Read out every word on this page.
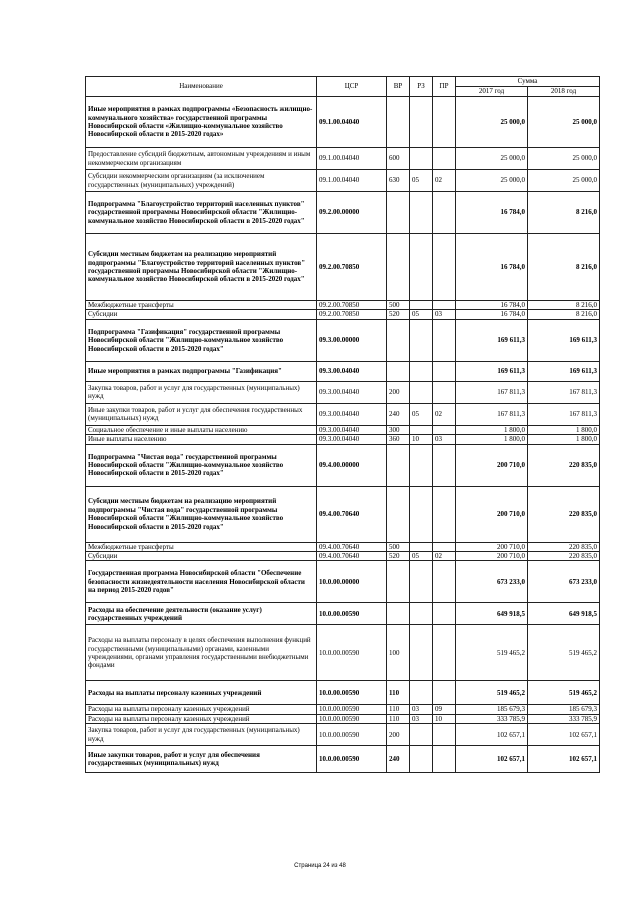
Наименование	ЦСР	ВР	РЗ	ПР	Сумма	
					2017 год	2018 год
Иные мероприятия в рамках подпрограммы «Безопасность жилищно-коммунального хозяйства» государственной программы Новосибирской области «Жилищно-коммунальное хозяйство Новосибирской области в 2015-2020 годах»	09.1.00.04040				25 000,0	25 000,0
Предоставление субсидий бюджетным, автономным учреждениям и иным некоммерческим организациям	09.1.00.04040	600			25 000,0	25 000,0
Субсидии некоммерческим организациям (за исключением государственных (муниципальных) учреждений)	09.1.00.04040	630	05	02	25 000,0	25 000,0
Подпрограмма "Благоустройство территорий населенных пунктов" государственной программы Новосибирской области "Жилищно-коммунальное хозяйство Новосибирской области в 2015-2020 годах"	09.2.00.00000				16 784,0	8 216,0
Субсидии местным бюджетам на реализацию мероприятий подпрограммы "Благоустройство территорий населенных пунктов" государственной программы Новосибирской области "Жилищно-коммунальное хозяйство Новосибирской области в 2015-2020 годах"	09.2.00.70850				16 784,0	8 216,0
Межбюджетные трансферты	09.2.00.70850	500			16 784,0	8 216,0
Субсидии	09.2.00.70850	520	05	03	16 784,0	8 216,0
Подпрограмма "Газификация" государственной программы Новосибирской области "Жилищно-коммунальное хозяйство Новосибирской области в 2015-2020 годах"	09.3.00.00000				169 611,3	169 611,3
Иные мероприятия в рамках подпрограммы "Газификация"	09.3.00.04040				169 611,3	169 611,3
Закупка товаров, работ и услуг для государственных (муниципальных) нужд	09.3.00.04040	200			167 811,3	167 811,3
Иные закупки товаров, работ и услуг для обеспечения государственных (муниципальных) нужд	09.3.00.04040	240	05	02	167 811,3	167 811,3
Социальное обеспечение и иные выплаты населению	09.3.00.04040	300			1 800,0	1 800,0
Иные выплаты населению	09.3.00.04040	360	10	03	1 800,0	1 800,0
Подпрограмма "Чистая вода" государственной программы Новосибирской области "Жилищно-коммунальное хозяйство Новосибирской области в 2015-2020 годах"	09.4.00.00000				200 710,0	220 835,0
Субсидии местным бюджетам на реализацию мероприятий подпрограммы "Чистая вода" государственной программы Новосибирской области "Жилищно-коммунальное хозяйство Новосибирской области в 2015-2020 годах"	09.4.00.70640				200 710,0	220 835,0
Межбюджетные трансферты	09.4.00.70640	500			200 710,0	220 835,0
Субсидии	09.4.00.70640	520	05	02	200 710,0	220 835,0
Государственная программа Новосибирской области "Обеспечение безопасности жизнедеятельности населения Новосибирской области на период 2015-2020 годов"	10.0.00.00000				673 233,0	673 233,0
Расходы на обеспечение деятельности (оказание услуг) государственных учреждений	10.0.00.00590				649 918,5	649 918,5
Расходы на выплаты персоналу в целях обеспечения выполнения функций государственными (муниципальными) органами, казенными учреждениями, органами управления государственными внебюджетными фондами	10.0.00.00590	100			519 465,2	519 465,2
Расходы на выплаты персоналу казенных учреждений	10.0.00.00590	110			519 465,2	519 465,2
Расходы на выплаты персоналу казенных учреждений	10.0.00.00590	110	03	09	185 679,3	185 679,3
Расходы на выплаты персоналу казенных учреждений	10.0.00.00590	110	03	10	333 785,9	333 785,9
Закупка товаров, работ и услуг для государственных (муниципальных) нужд	10.0.00.00590	200			102 657,1	102 657,1
Иные закупки товаров, работ и услуг для обеспечения государственных (муниципальных) нужд	10.0.00.00590	240			102 657,1	102 657,1
Страница 24 из 48
